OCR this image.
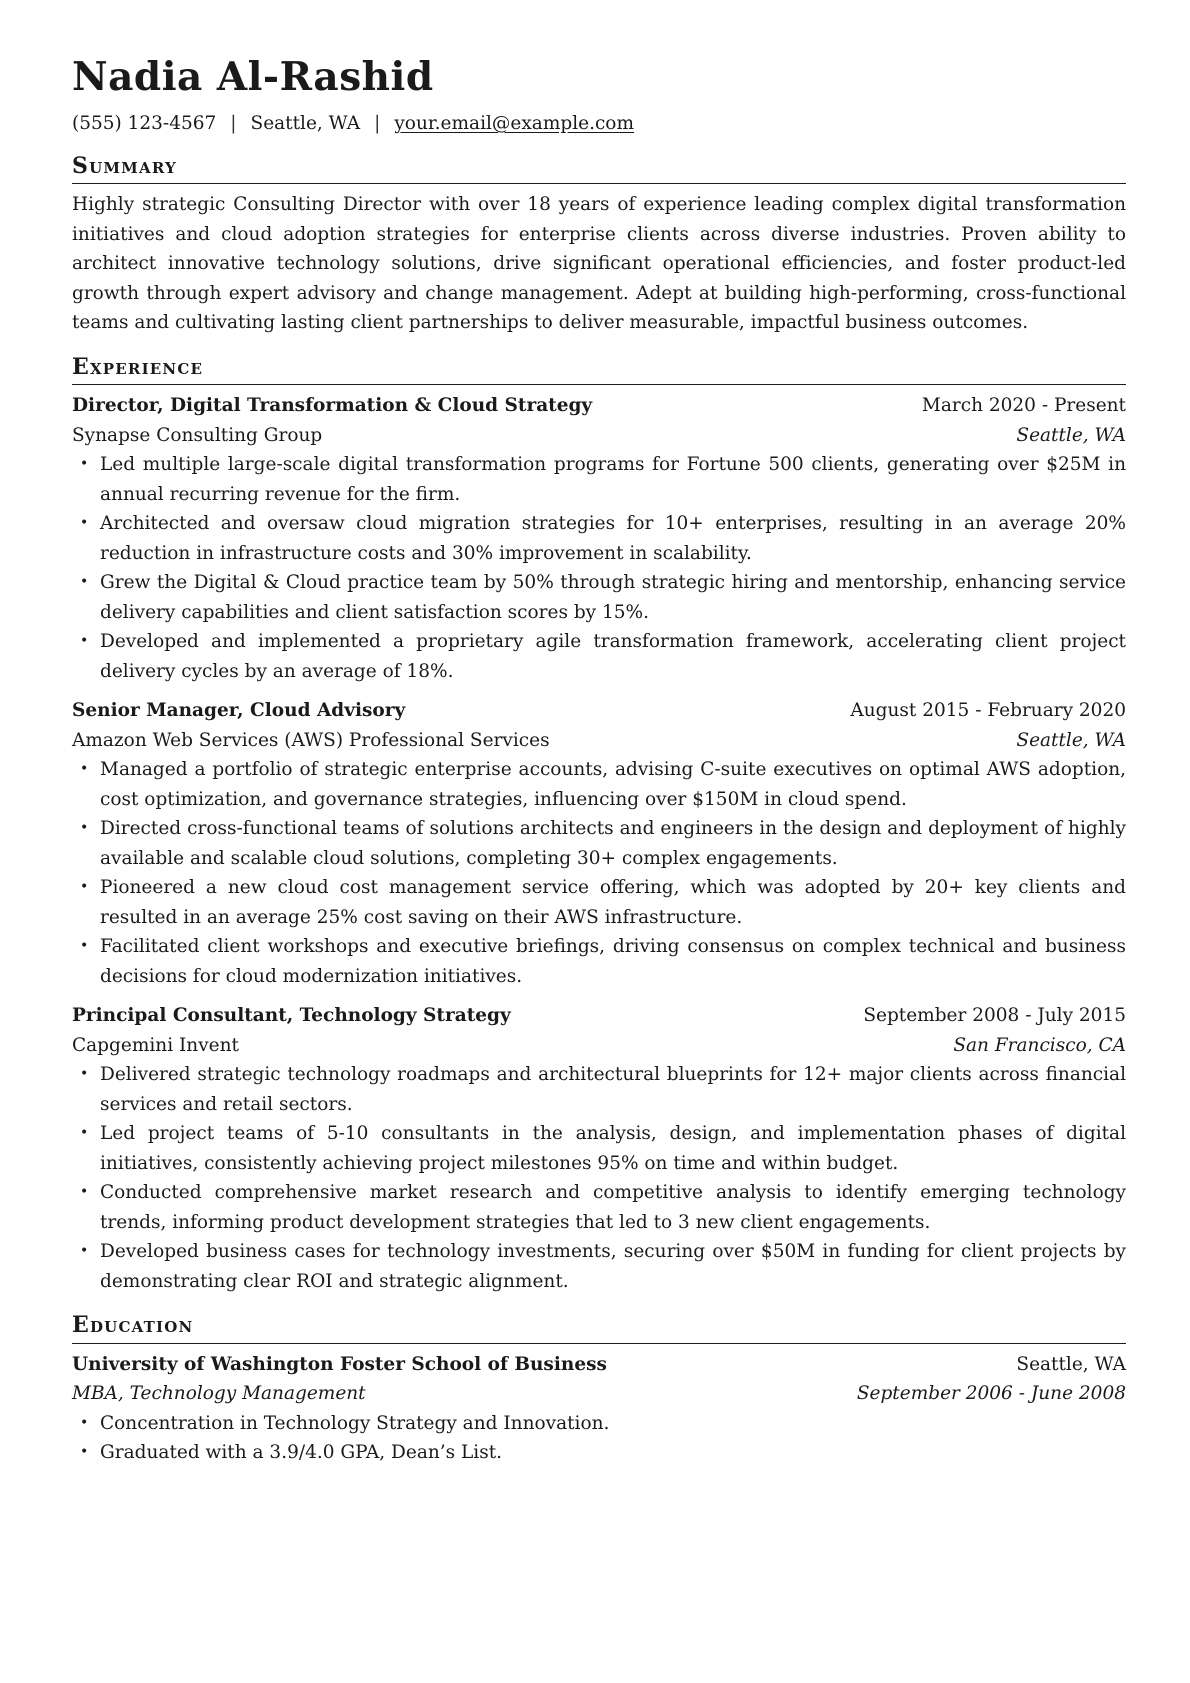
Nadia Al-Rashid
(555) 123-4567 | Seattle, WA | your.email@example.com
Summary

Highly strategic Consulting Director with over 18 years of experience leading complex digital transformation initiatives and cloud adoption strategies for enterprise clients across diverse industries. Proven ability to architect innovative technology solutions, drive significant operational efficiencies, and foster product-led growth through expert advisory and change management. Adept at building high-performing, cross-functional teams and cultivating lasting client partnerships to deliver measurable, impactful business outcomes.

Experience
Director, Digital Transformation & Cloud Strategy	March 2020 - Present
Synapse Consulting Group	Seattle, WA
• Led multiple large-scale digital transformation programs for Fortune 500 clients, generating over $25M in annual recurring revenue for the firm.
• Architected and oversaw cloud migration strategies for 10+ enterprises, resulting in an average 20% reduction in infrastructure costs and 30% improvement in scalability.
• Grew the Digital & Cloud practice team by 50% through strategic hiring and mentorship, enhancing service delivery capabilities and client satisfaction scores by 15%.
• Developed and implemented a proprietary agile transformation framework, accelerating client project delivery cycles by an average of 18%.
Senior Manager, Cloud Advisory	August 2015 - February 2020
Amazon Web Services (AWS) Professional Services	Seattle, WA
• Managed a portfolio of strategic enterprise accounts, advising C-suite executives on optimal AWS adoption, cost optimization, and governance strategies, influencing over $150M in cloud spend.
• Directed cross-functional teams of solutions architects and engineers in the design and deployment of highly available and scalable cloud solutions, completing 30+ complex engagements.
• Pioneered a new cloud cost management service offering, which was adopted by 20+ key clients and resulted in an average 25% cost saving on their AWS infrastructure.
• Facilitated client workshops and executive briefings, driving consensus on complex technical and business decisions for cloud modernization initiatives.
Principal Consultant, Technology Strategy	September 2008 - July 2015
Capgemini Invent	San Francisco, CA
• Delivered strategic technology roadmaps and architectural blueprints for 12+ major clients across financial services and retail sectors.
• Led project teams of 5-10 consultants in the analysis, design, and implementation phases of digital initiatives, consistently achieving project milestones 95% on time and within budget.
• Conducted comprehensive market research and competitive analysis to identify emerging technology trends, informing product development strategies that led to 3 new client engagements.
• Developed business cases for technology investments, securing over $50M in funding for client projects by demonstrating clear ROI and strategic alignment.
Education
University of Washington Foster School of Business	Seattle, WA
MBA, Technology Management	September 2006 - June 2008
• Concentration in Technology Strategy and Innovation.
• Graduated with a 3.9/4.0 GPA, Dean’s List.
